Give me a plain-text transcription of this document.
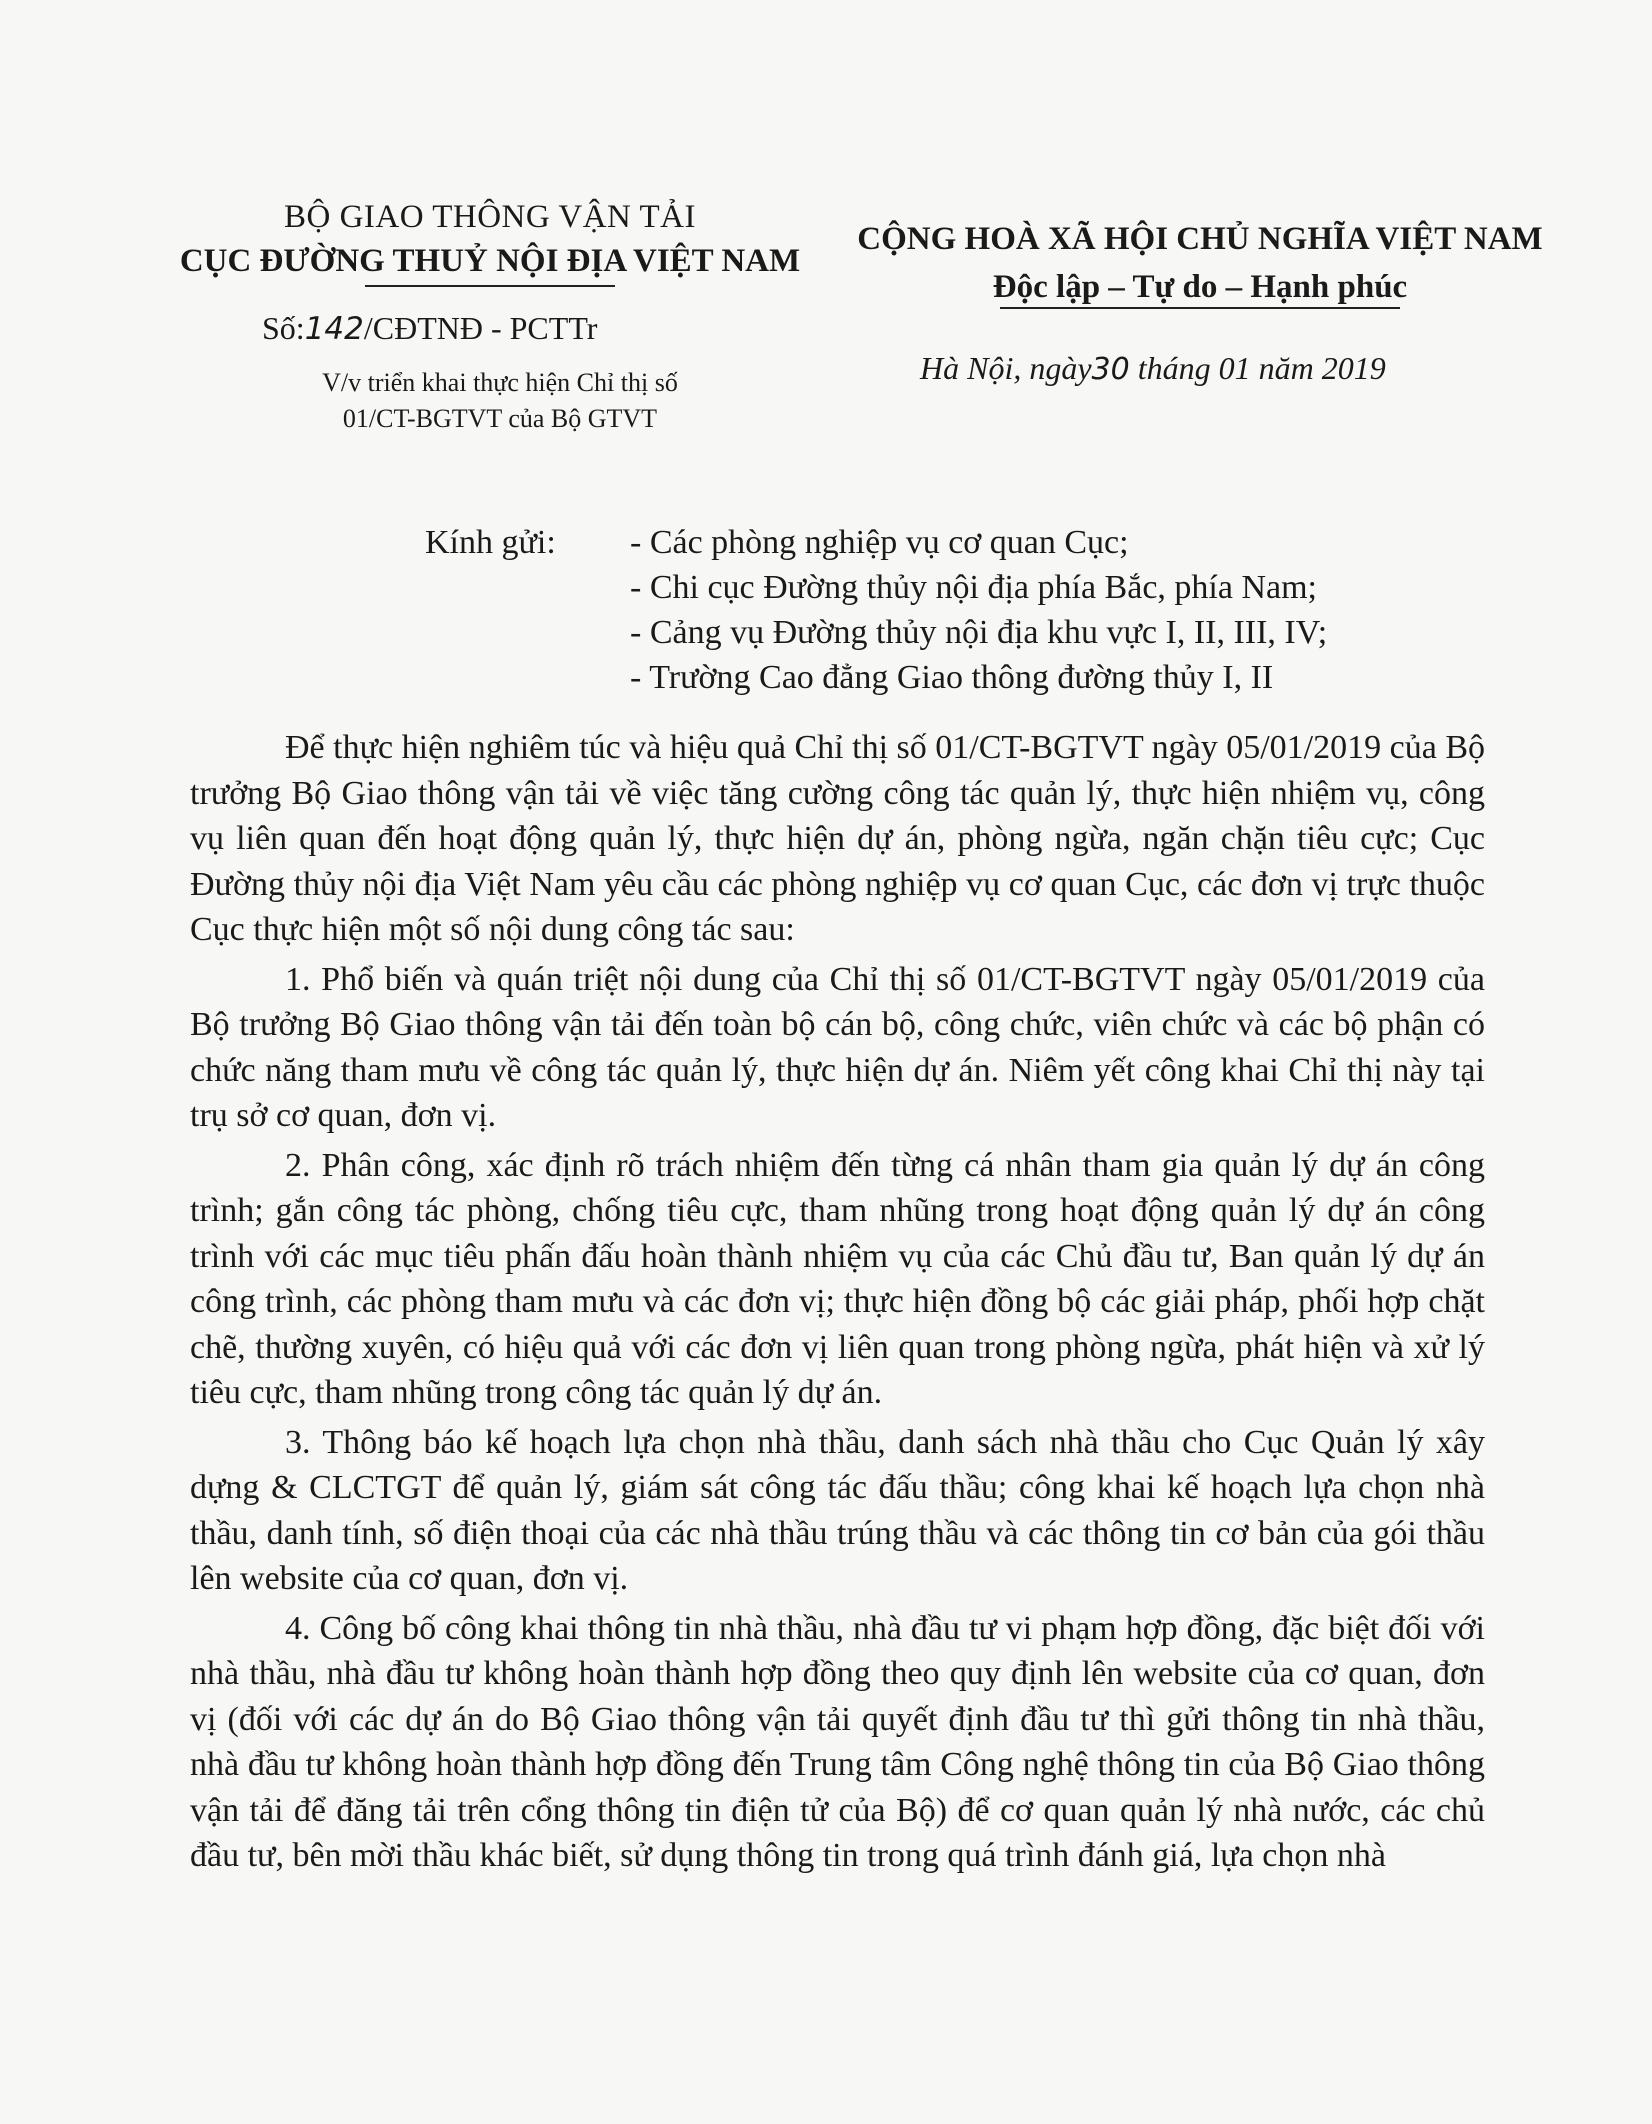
BỘ GIAO THÔNG VẬN TẢI
CỤC ĐƯỜNG THUỶ NỘI ĐỊA VIỆT NAM
CỘNG HOÀ XÃ HỘI CHỦ NGHĨA VIỆT NAM
Độc lập – Tự do – Hạnh phúc
Số:142/CĐTNĐ - PCTTr
V/v triển khai thực hiện Chỉ thị số
01/CT-BGTVT của Bộ GTVT
Hà Nội, ngày30 tháng 01 năm 2019
Kính gửi: - Các phòng nghiệp vụ cơ quan Cục;
- Chi cục Đường thủy nội địa phía Bắc, phía Nam;
- Cảng vụ Đường thủy nội địa khu vực I, II, III, IV;
- Trường Cao đẳng Giao thông đường thủy I, II

Để thực hiện nghiêm túc và hiệu quả Chỉ thị số 01/CT-BGTVT ngày 05/01/2019 của Bộ trưởng Bộ Giao thông vận tải về việc tăng cường công tác quản lý, thực hiện nhiệm vụ, công vụ liên quan đến hoạt động quản lý, thực hiện dự án, phòng ngừa, ngăn chặn tiêu cực; Cục Đường thủy nội địa Việt Nam yêu cầu các phòng nghiệp vụ cơ quan Cục, các đơn vị trực thuộc Cục thực hiện một số nội dung công tác sau:

1. Phổ biến và quán triệt nội dung của Chỉ thị số 01/CT-BGTVT ngày 05/01/2019 của Bộ trưởng Bộ Giao thông vận tải đến toàn bộ cán bộ, công chức, viên chức và các bộ phận có chức năng tham mưu về công tác quản lý, thực hiện dự án. Niêm yết công khai Chỉ thị này tại trụ sở cơ quan, đơn vị.

2. Phân công, xác định rõ trách nhiệm đến từng cá nhân tham gia quản lý dự án công trình; gắn công tác phòng, chống tiêu cực, tham nhũng trong hoạt động quản lý dự án công trình với các mục tiêu phấn đấu hoàn thành nhiệm vụ của các Chủ đầu tư, Ban quản lý dự án công trình, các phòng tham mưu và các đơn vị; thực hiện đồng bộ các giải pháp, phối hợp chặt chẽ, thường xuyên, có hiệu quả với các đơn vị liên quan trong phòng ngừa, phát hiện và xử lý tiêu cực, tham nhũng trong công tác quản lý dự án.

3. Thông báo kế hoạch lựa chọn nhà thầu, danh sách nhà thầu cho Cục Quản lý xây dựng & CLCTGT để quản lý, giám sát công tác đấu thầu; công khai kế hoạch lựa chọn nhà thầu, danh tính, số điện thoại của các nhà thầu trúng thầu và các thông tin cơ bản của gói thầu lên website của cơ quan, đơn vị.

4. Công bố công khai thông tin nhà thầu, nhà đầu tư vi phạm hợp đồng, đặc biệt đối với nhà thầu, nhà đầu tư không hoàn thành hợp đồng theo quy định lên website của cơ quan, đơn vị (đối với các dự án do Bộ Giao thông vận tải quyết định đầu tư thì gửi thông tin nhà thầu, nhà đầu tư không hoàn thành hợp đồng đến Trung tâm Công nghệ thông tin của Bộ Giao thông vận tải để đăng tải trên cổng thông tin điện tử của Bộ) để cơ quan quản lý nhà nước, các chủ đầu tư, bên mời thầu khác biết, sử dụng thông tin trong quá trình đánh giá, lựa chọn nhà
